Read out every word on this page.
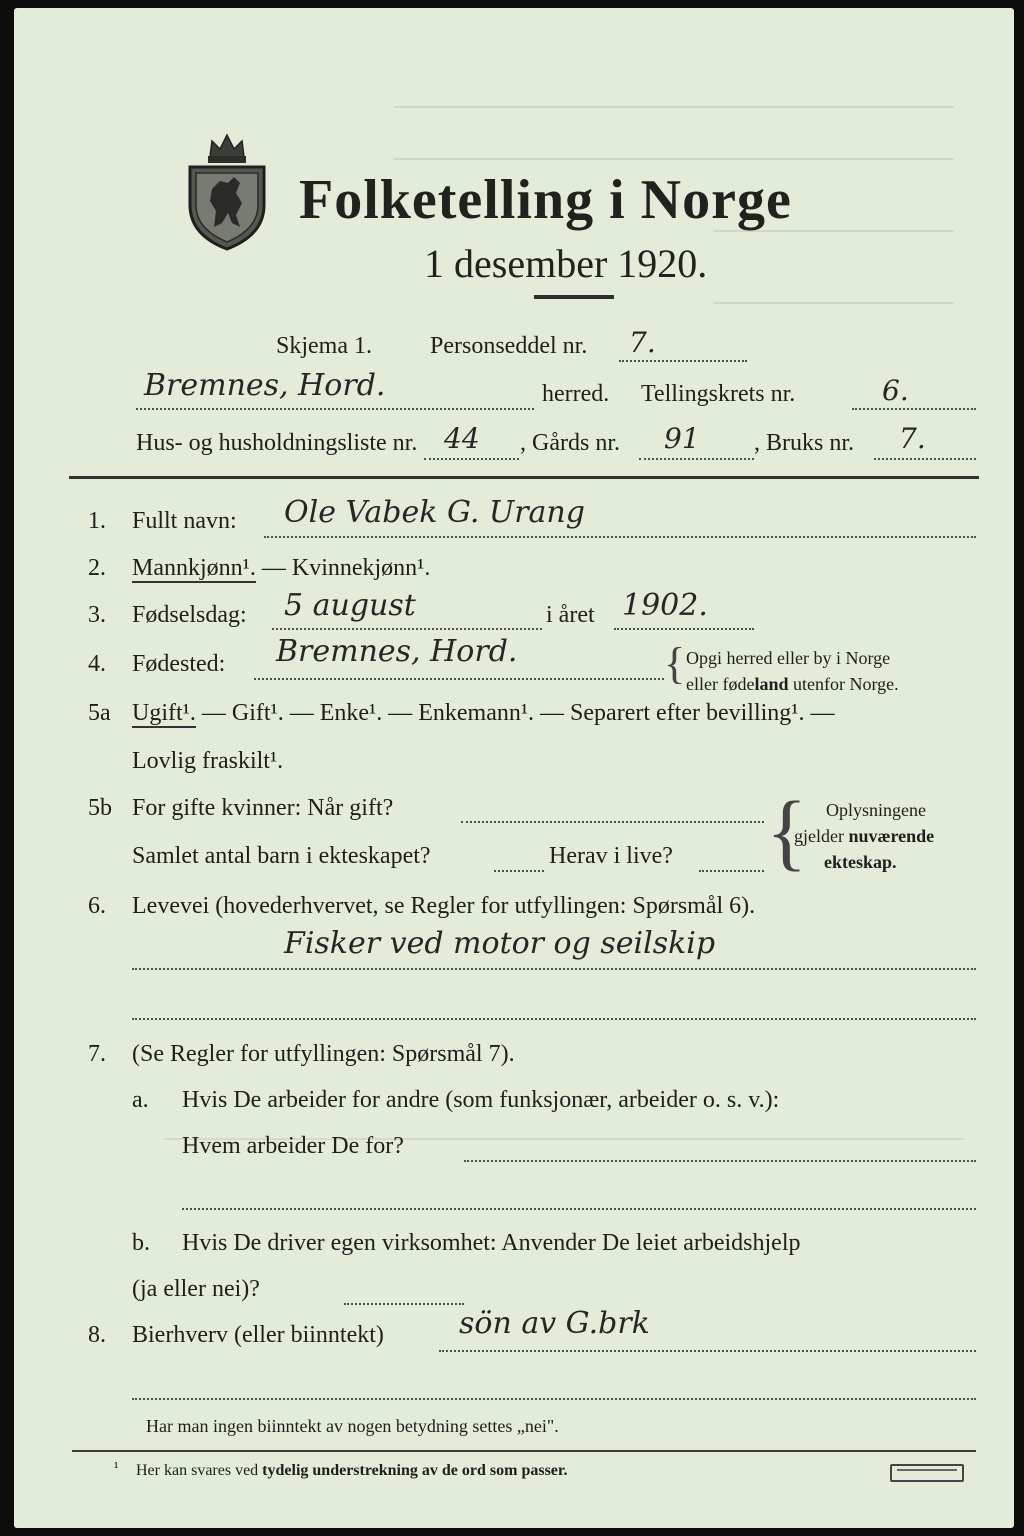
Folketelling i Norge
1 desember 1920.
Skjema 1. Personseddel nr. 7.
Bremnes, Hord.	herred. Tellingskrets nr.	6.
Hus- og husholdningsliste nr. 44 , Gårds nr. 91 , Bruks nr. 7.
1. Fullt navn: Ole Vabek G. Urang
2. Mannkjønn¹. — Kvinnekjønn¹.
3. Fødselsdag: 5 august	i året 1902.
4. Fødested: Bremnes, Hord.	{ Opgi herred eller by i Norge
eller fødeland utenfor Norge.
5a Ugift¹. — Gift¹. — Enke¹. — Enkemann¹. — Separert efter bevilling¹. —
Lovlig fraskilt¹.
5b For gifte kvinner: Når gift?
Samlet antal barn i ekteskapet?	Herav i live? { Oplysningene
gjelder nuværende
ekteskap.
6. Levevei (hovederhvervet, se Regler for utfyllingen: Spørsmål 6).
Fisker ved motor og seilskip
7. (Se Regler for utfyllingen: Spørsmål 7).
a. Hvis De arbeider for andre (som funksjonær, arbeider o. s. v.):
Hvem arbeider De for?
b. Hvis De driver egen virksomhet: Anvender De leiet arbeidshjelp
(ja eller nei)?
8. Bierhverv (eller biinntekt)	sön av G.brk
Har man ingen biinntekt av nogen betydning settes „nei".
¹ Her kan svares ved tydelig understrekning av de ord som passer.
